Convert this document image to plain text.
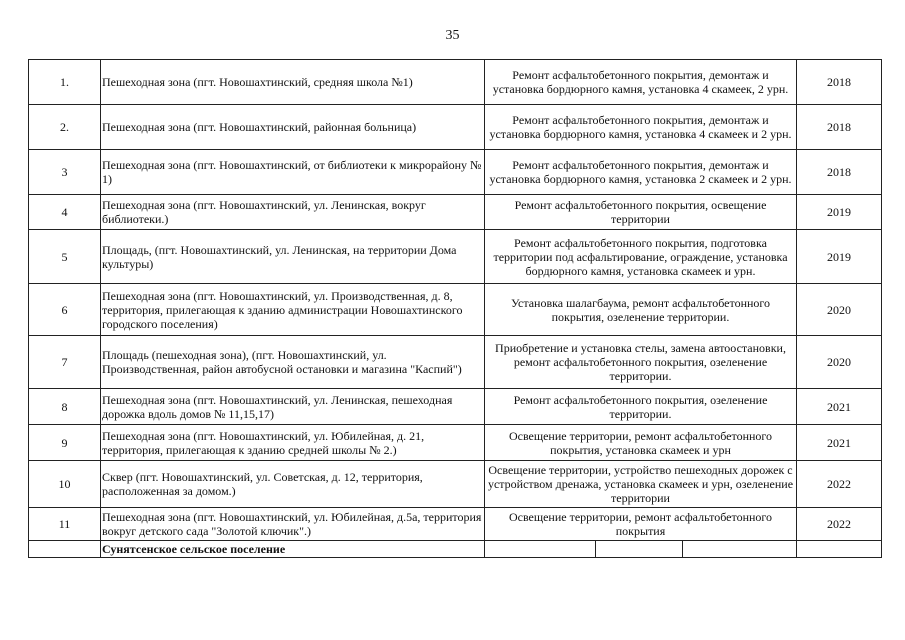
35
1.	Пешеходная зона (пгт. Новошахтинский, средняя школа №1)	Ремонт асфальтобетонного покрытия, демонтаж и установка бордюрного камня, установка 4 скамеек, 2 урн.	2018
2.	Пешеходная зона (пгт. Новошахтинский, районная больница)	Ремонт асфальтобетонного покрытия, демонтаж и установка бордюрного камня, установка 4 скамеек и 2 урн.	2018
3	Пешеходная зона (пгт. Новошахтинский, от библиотеки к микрорайону № 1)	Ремонт асфальтобетонного покрытия, демонтаж и установка бордюрного камня, установка 2 скамеек и 2 урн.	2018
4	Пешеходная зона (пгт. Новошахтинский, ул. Ленинская, вокруг библиотеки.)	Ремонт асфальтобетонного покрытия, освещение территории	2019
5	Площадь, (пгт. Новошахтинский, ул. Ленинская, на территории Дома культуры)	Ремонт асфальтобетонного покрытия, подготовка территории под асфальтирование, ограждение, установка бордюрного камня, установка скамеек и урн.	2019
6	Пешеходная зона (пгт. Новошахтинский, ул. Производственная, д. 8, территория, прилегающая к зданию администрации Новошахтинского городского поселения)	Установка шалагбаума, ремонт асфальтобетонного покрытия, озеленение территории.	2020
7	Площадь (пешеходная зона), (пгт. Новошахтинский, ул. Производственная, район автобусной остановки и магазина "Каспий")	Приобретение и установка стелы, замена автоостановки, ремонт асфальтобетонного покрытия, озеленение территории.	2020
8	Пешеходная зона (пгт. Новошахтинский, ул. Ленинская, пешеходная дорожка вдоль домов № 11,15,17)	Ремонт асфальтобетонного покрытия, озеленение территории.	2021
9	Пешеходная зона (пгт. Новошахтинский, ул. Юбилейная, д. 21, территория, прилегающая к зданию средней школы № 2.)	Освещение территории, ремонт асфальтобетонного покрытия, установка скамеек и урн	2021
10	Сквер (пгт. Новошахтинский, ул. Советская, д. 12, территория, расположенная за домом.)	Освещение территории, устройство пешеходных дорожек с устройством дренажа, установка скамеек и урн, озеленение территории	2022
11	Пешеходная зона (пгт. Новошахтинский, ул. Юбилейная, д.5а, территория вокруг детского сада "Золотой ключик".)	Освещение территории, ремонт асфальтобетонного покрытия	2022
	Сунятсенское сельское поселение	
